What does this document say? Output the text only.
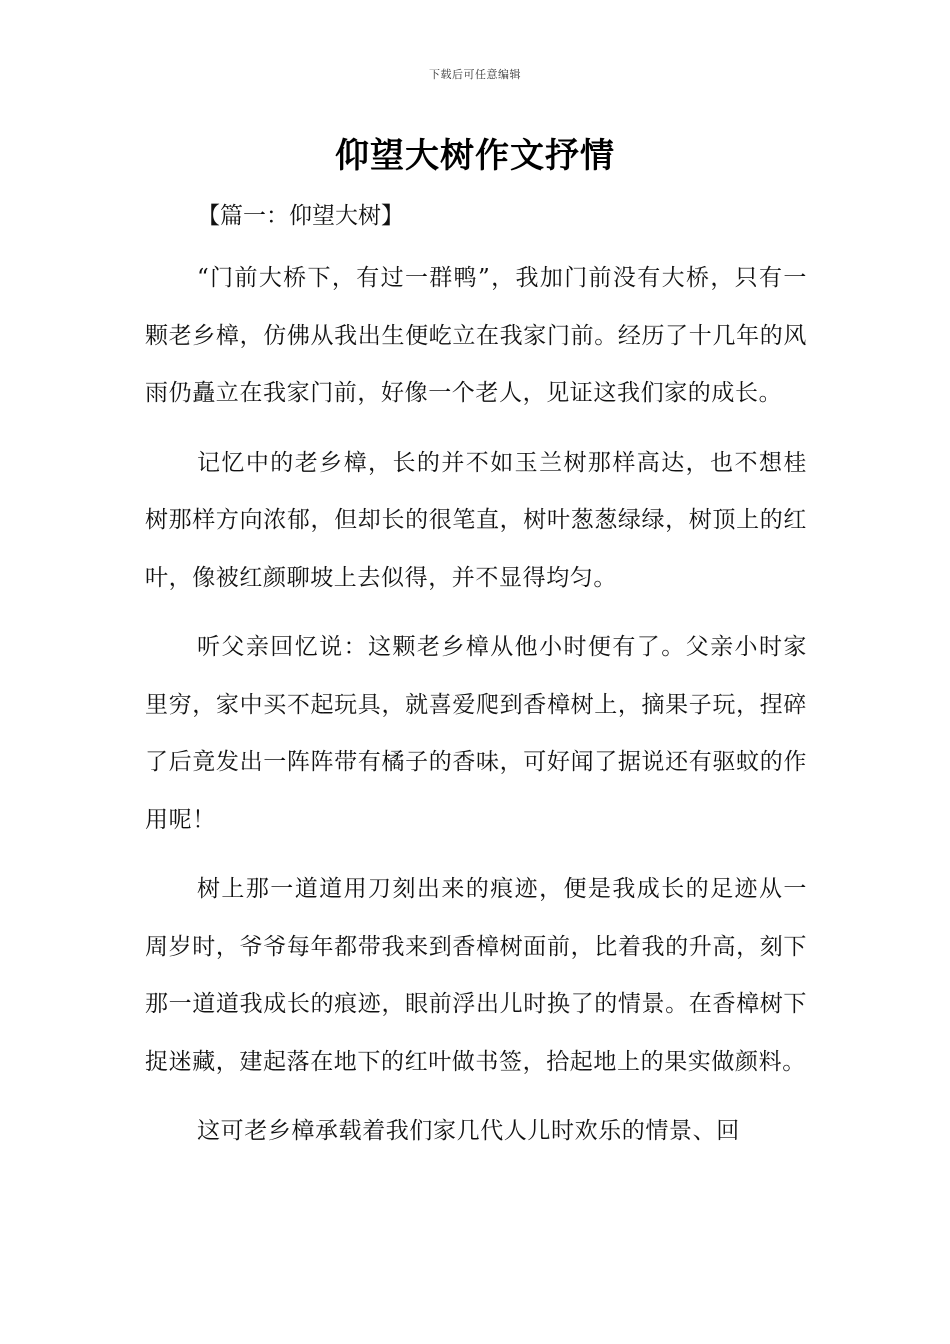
下载后可任意编辑
仰望大树作文抒情

【篇一：仰望大树】

“门前大桥下，有过一群鸭”，我加门前没有大桥，只有一颗老乡樟，仿佛从我出生便屹立在我家门前。经历了十几年的风雨仍矗立在我家门前，好像一个老人，见证这我们家的成长。

记忆中的老乡樟，长的并不如玉兰树那样高达，也不想桂树那样方向浓郁，但却长的很笔直，树叶葱葱绿绿，树顶上的红叶，像被红颜聊坡上去似得，并不显得均匀。

听父亲回忆说：这颗老乡樟从他小时便有了。父亲小时家里穷，家中买不起玩具，就喜爱爬到香樟树上，摘果子玩，捏碎了后竟发出一阵阵带有橘子的香味，可好闻了据说还有驱蚊的作用呢！

树上那一道道用刀刻出来的痕迹，便是我成长的足迹从一周岁时，爷爷每年都带我来到香樟树面前，比着我的升高，刻下那一道道我成长的痕迹，眼前浮出儿时换了的情景。在香樟树下捉迷藏，建起落在地下的红叶做书签，拾起地上的果实做颜料。

这可老乡樟承载着我们家几代人儿时欢乐的情景、回
